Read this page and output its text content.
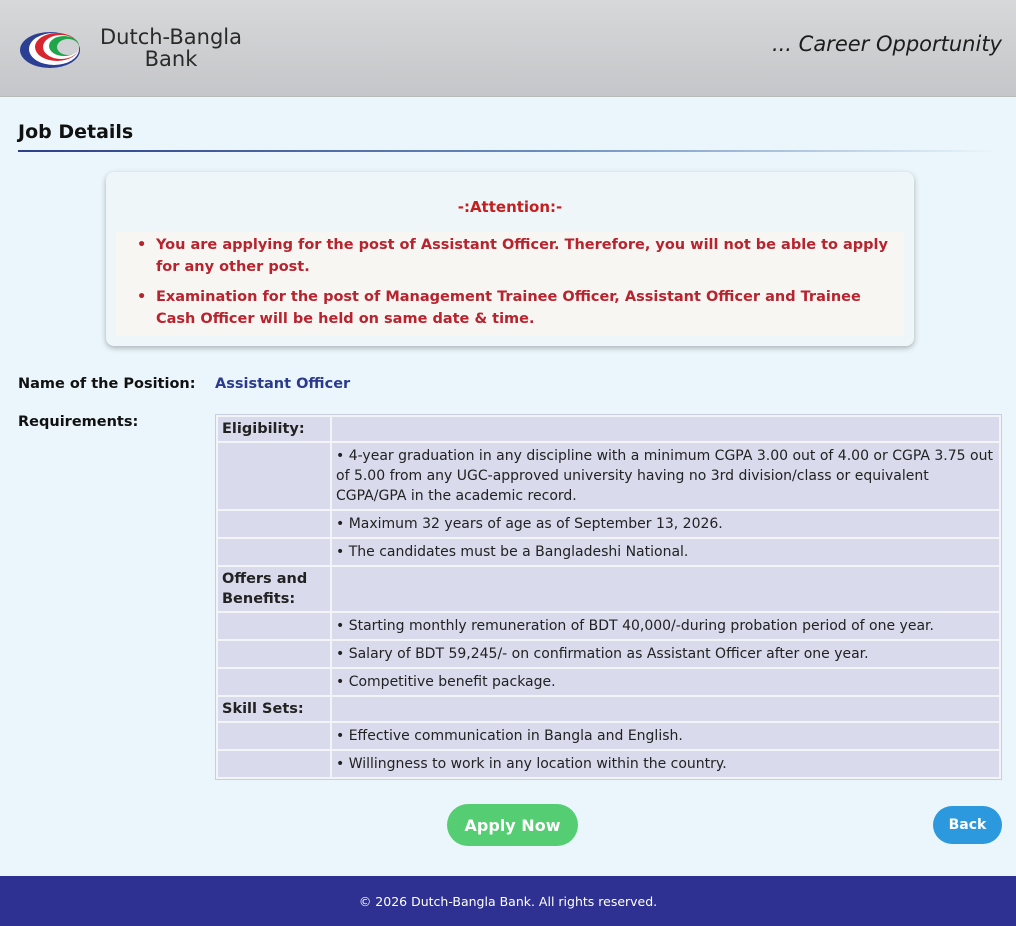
Dutch-Bangla
Bank
... Career Opportunity
Job Details
-:Attention:-
• You are applying for the post of Assistant Officer. Therefore, you will not be able to apply for any other post.
• Examination for the post of Management Trainee Officer, Assistant Officer and Trainee Cash Officer will be held on same date & time.
Name of the Position: Assistant Officer
Requirements:	Eligibility:
• 4-year graduation in any discipline with a minimum CGPA 3.00 out of 4.00 or CGPA 3.75 out of 5.00 from any UGC-approved university having no 3rd division/class or equivalent CGPA/GPA in the academic record.
• Maximum 32 years of age as of September 13, 2026.
• The candidates must be a Bangladeshi National.
Offers and Benefits:
• Starting monthly remuneration of BDT 40,000/-during probation period of one year.
• Salary of BDT 59,245/- on confirmation as Assistant Officer after one year.
• Competitive benefit package.
Skill Sets:
• Effective communication in Bangla and English.
• Willingness to work in any location within the country.
Apply Now	Back
© 2026 Dutch-Bangla Bank. All rights reserved.
